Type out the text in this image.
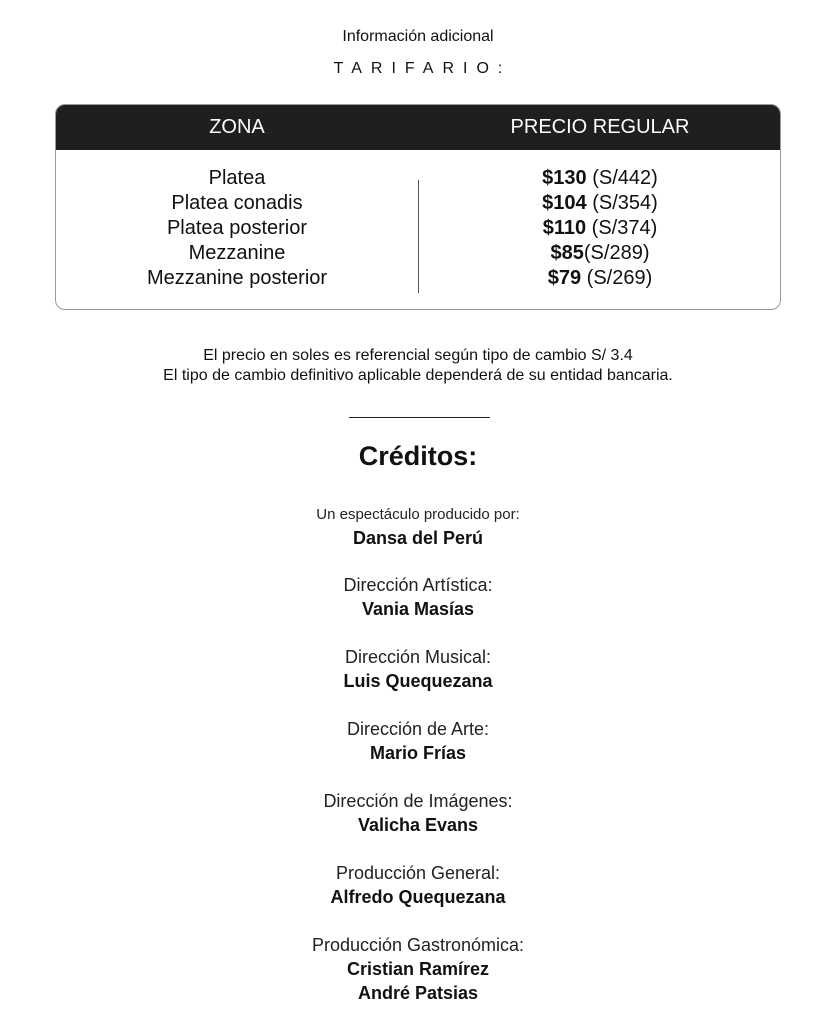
Información adicional
TARIFARIO:
ZONA	PRECIO REGULAR
Platea
Platea conadis
Platea posterior
Mezzanine
Mezzanine posterior
$130 (S/442)
$104 (S/354)
$110 (S/374)
$85(S/289)
$79 (S/269)
El precio en soles es referencial según tipo de cambio S/ 3.4
El tipo de cambio definitivo aplicable dependerá de su entidad bancaria.
Créditos:
Un espectáculo producido por:
Dansa del Perú
Dirección Artística:
Vania Masías
Dirección Musical:
Luis Quequezana
Dirección de Arte:
Mario Frías
Dirección de Imágenes:
Valicha Evans
Producción General:
Alfredo Quequezana
Producción Gastronómica:
Cristian Ramírez
André Patsias
